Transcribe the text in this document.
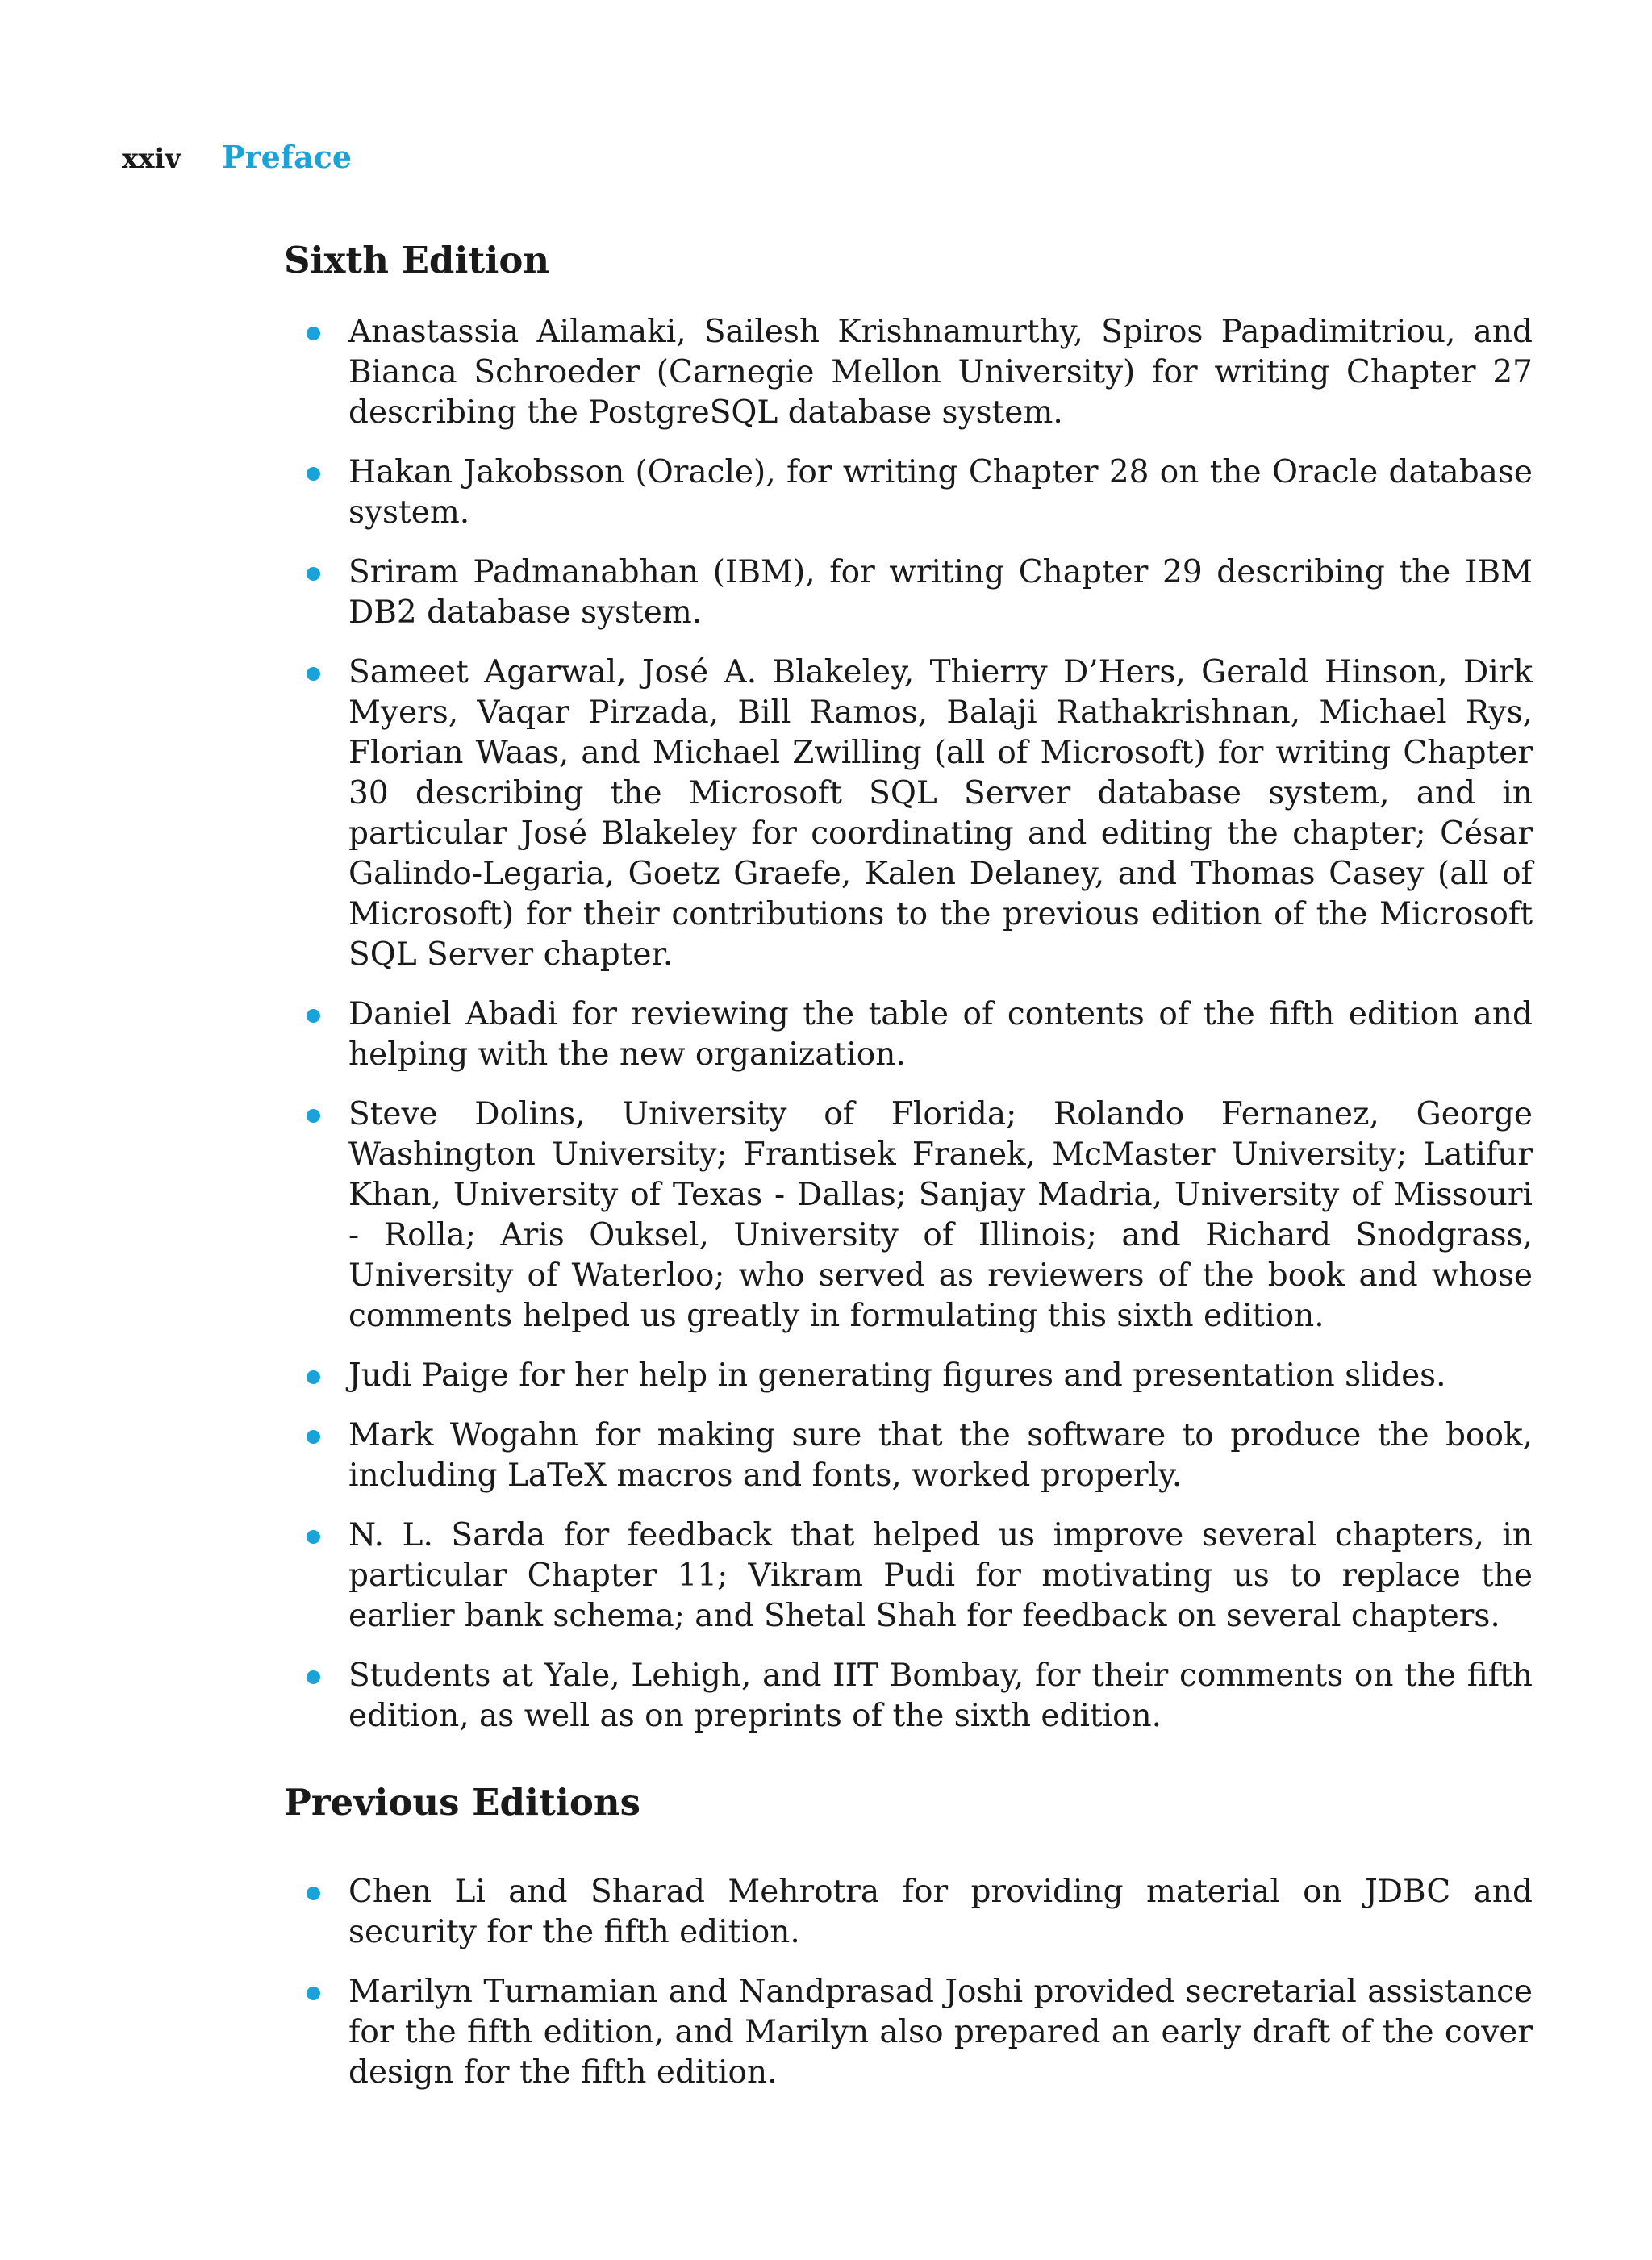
xxiv	Preface
Sixth Edition
Anastassia Ailamaki, Sailesh Krishnamurthy, Spiros Papadimitriou, and Bianca Schroeder (Carnegie Mellon University) for writing Chapter 27 describing the PostgreSQL database system.
Hakan Jakobsson (Oracle), for writing Chapter 28 on the Oracle database system.
Sriram Padmanabhan (IBM), for writing Chapter 29 describing the IBM DB2 database system.
Sameet Agarwal, José A. Blakeley, Thierry D’Hers, Gerald Hinson, Dirk Myers, Vaqar Pirzada, Bill Ramos, Balaji Rathakrishnan, Michael Rys, Florian Waas, and Michael Zwilling (all of Microsoft) for writing Chapter 30 describing the Microsoft SQL Server database system, and in particular José Blakeley for coordinating and editing the chapter; César Galindo-Legaria, Goetz Graefe, Kalen Delaney, and Thomas Casey (all of Microsoft) for their contributions to the previous edition of the Microsoft SQL Server chapter.
Daniel Abadi for reviewing the table of contents of the fifth edition and helping with the new organization.
Steve Dolins, University of Florida; Rolando Fernanez, George Washington University; Frantisek Franek, McMaster University; Latifur Khan, University of Texas - Dallas; Sanjay Madria, University of Missouri - Rolla; Aris Ouksel, University of Illinois; and Richard Snodgrass, University of Waterloo; who served as reviewers of the book and whose comments helped us greatly in formulating this sixth edition.
Judi Paige for her help in generating figures and presentation slides.
Mark Wogahn for making sure that the software to produce the book, including LaTeX macros and fonts, worked properly.
N. L. Sarda for feedback that helped us improve several chapters, in particular Chapter 11; Vikram Pudi for motivating us to replace the earlier bank schema; and Shetal Shah for feedback on several chapters.
Students at Yale, Lehigh, and IIT Bombay, for their comments on the fifth edition, as well as on preprints of the sixth edition.
Previous Editions
Chen Li and Sharad Mehrotra for providing material on JDBC and security for the fifth edition.
Marilyn Turnamian and Nandprasad Joshi provided secretarial assistance for the fifth edition, and Marilyn also prepared an early draft of the cover design for the fifth edition.
